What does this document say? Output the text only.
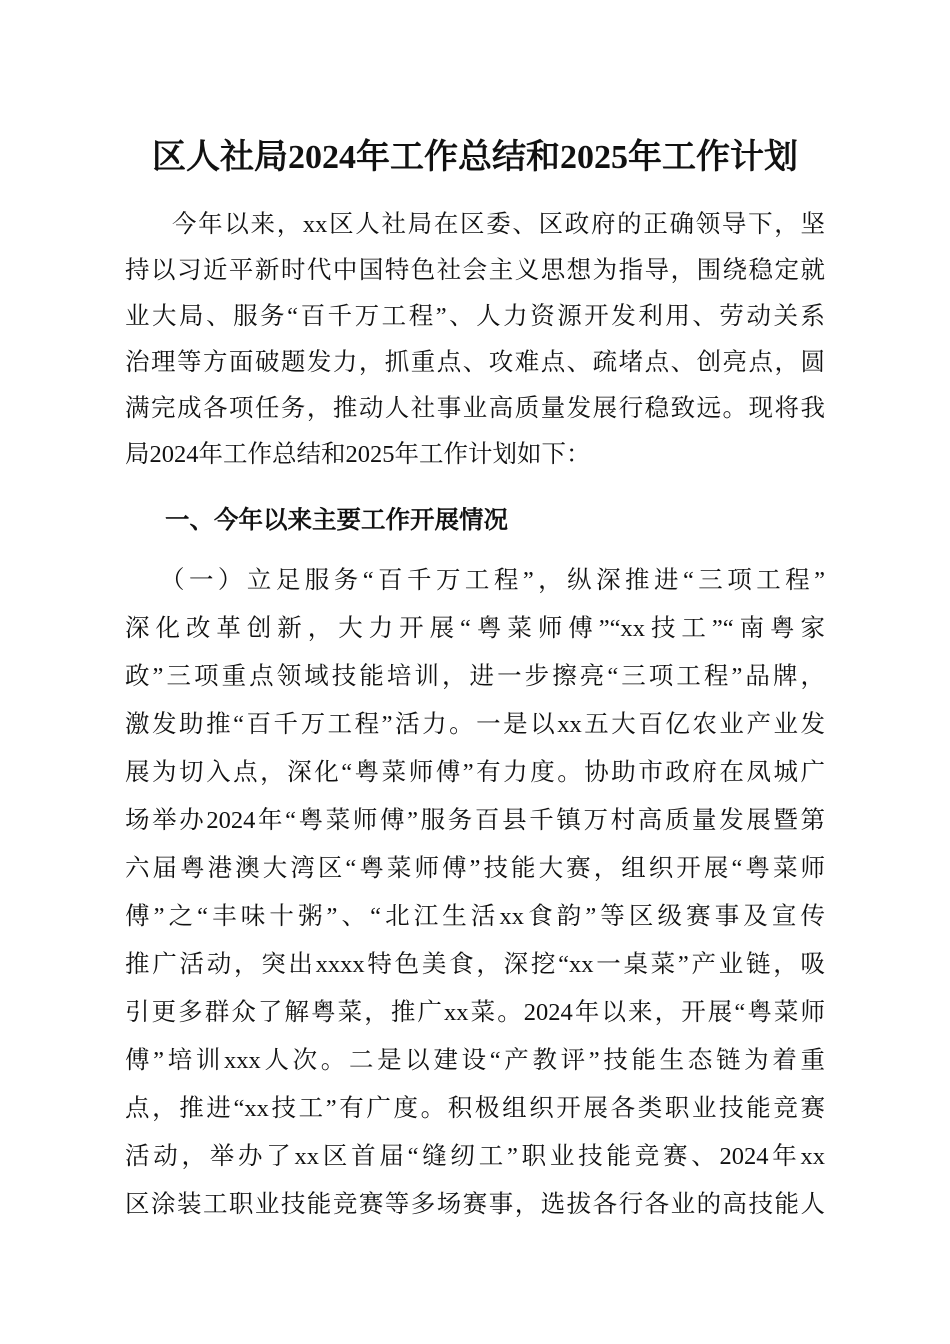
区人社局2024年工作总结和2025年工作计划
今年以来，xx区人社局在区委、区政府的正确领导下，坚
持以习近平新时代中国特色社会主义思想为指导，围绕稳定就
业大局、服务“百千万工程”、人力资源开发利用、劳动关系
治理等方面破题发力，抓重点、攻难点、疏堵点、创亮点，圆
满完成各项任务，推动人社事业高质量发展行稳致远。现将我
局2024年工作总结和2025年工作计划如下：
一、今年以来主要工作开展情况
（一）立足服务“百千万工程”，纵深推进“三项工程”
深化改革创新，大力开展“粤菜师傅”“xx技工”“南粤家
政”三项重点领域技能培训，进一步擦亮“三项工程”品牌，
激发助推“百千万工程”活力。一是以xx五大百亿农业产业发
展为切入点，深化“粤菜师傅”有力度。协助市政府在凤城广
场举办2024年“粤菜师傅”服务百县千镇万村高质量发展暨第
六届粤港澳大湾区“粤菜师傅”技能大赛，组织开展“粤菜师
傅”之“丰味十粥”、“北江生活xx食韵”等区级赛事及宣传
推广活动，突出xxxx特色美食，深挖“xx一桌菜”产业链，吸
引更多群众了解粤菜，推广xx菜。2024年以来，开展“粤菜师
傅”培训xxx人次。二是以建设“产教评”技能生态链为着重
点，推进“xx技工”有广度。积极组织开展各类职业技能竞赛
活动，举办了xx区首届“缝纫工”职业技能竞赛、2024年xx
区涂装工职业技能竞赛等多场赛事，选拔各行各业的高技能人
